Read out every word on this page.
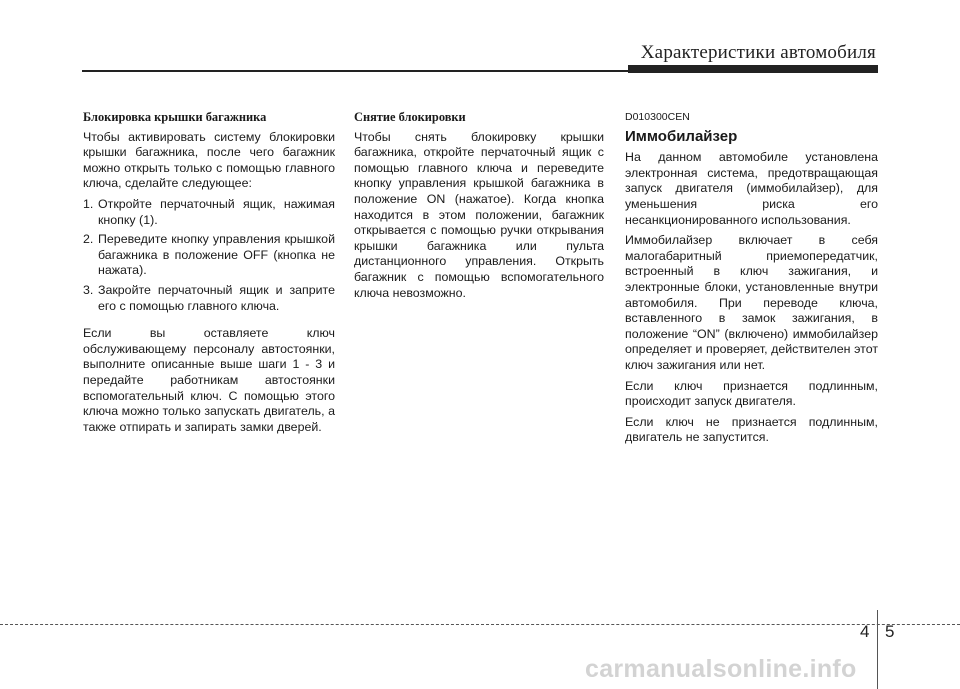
Характеристики автомобиля
Блокировка крышки багажника
Чтобы активировать систему блокировки крышки багажника, после чего багажник можно открыть только с помощью главного ключа, сделайте следующее:
1. Откройте перчаточный ящик, нажимая кнопку (1).
2. Переведите кнопку управления крышкой багажника в положение OFF (кнопка не нажата).
3. Закройте перчаточный ящик и заприте его с помощью главного ключа.
Если вы оставляете ключ обслуживающему персоналу автостоянки, выполните описанные выше шаги 1 - 3 и передайте работникам автостоянки вспомогательный ключ. С помощью этого ключа можно только запускать двигатель, а также отпирать и запирать замки дверей.
Снятие блокировки
Чтобы снять блокировку крышки багажника, откройте перчаточный ящик с помощью главного ключа и переведите кнопку управления крышкой багажника в положение ON (нажатое). Когда кнопка находится в этом положении, багажник открывается с помощью ручки открывания крышки багажника или пульта дистанционного управления. Открыть багажник с помощью вспомогательного ключа невозможно.
D010300CEN
Иммобилайзер
На данном автомобиле установлена электронная система, предотвращающая запуск двигателя (иммобилайзер), для уменьшения риска его несанкционированного использования.
Иммобилайзер включает в себя малогабаритный приемопередатчик, встроенный в ключ зажигания, и электронные блоки, установленные внутри автомобиля. При переводе ключа, вставленного в замок зажигания, в положение “ON” (включено) иммобилайзер определяет и проверяет, действителен этот ключ зажигания или нет.
Если ключ признается подлинным, происходит запуск двигателя.
Если ключ не признается подлинным, двигатель не запустится.
4 5
carmanualsonline.info
